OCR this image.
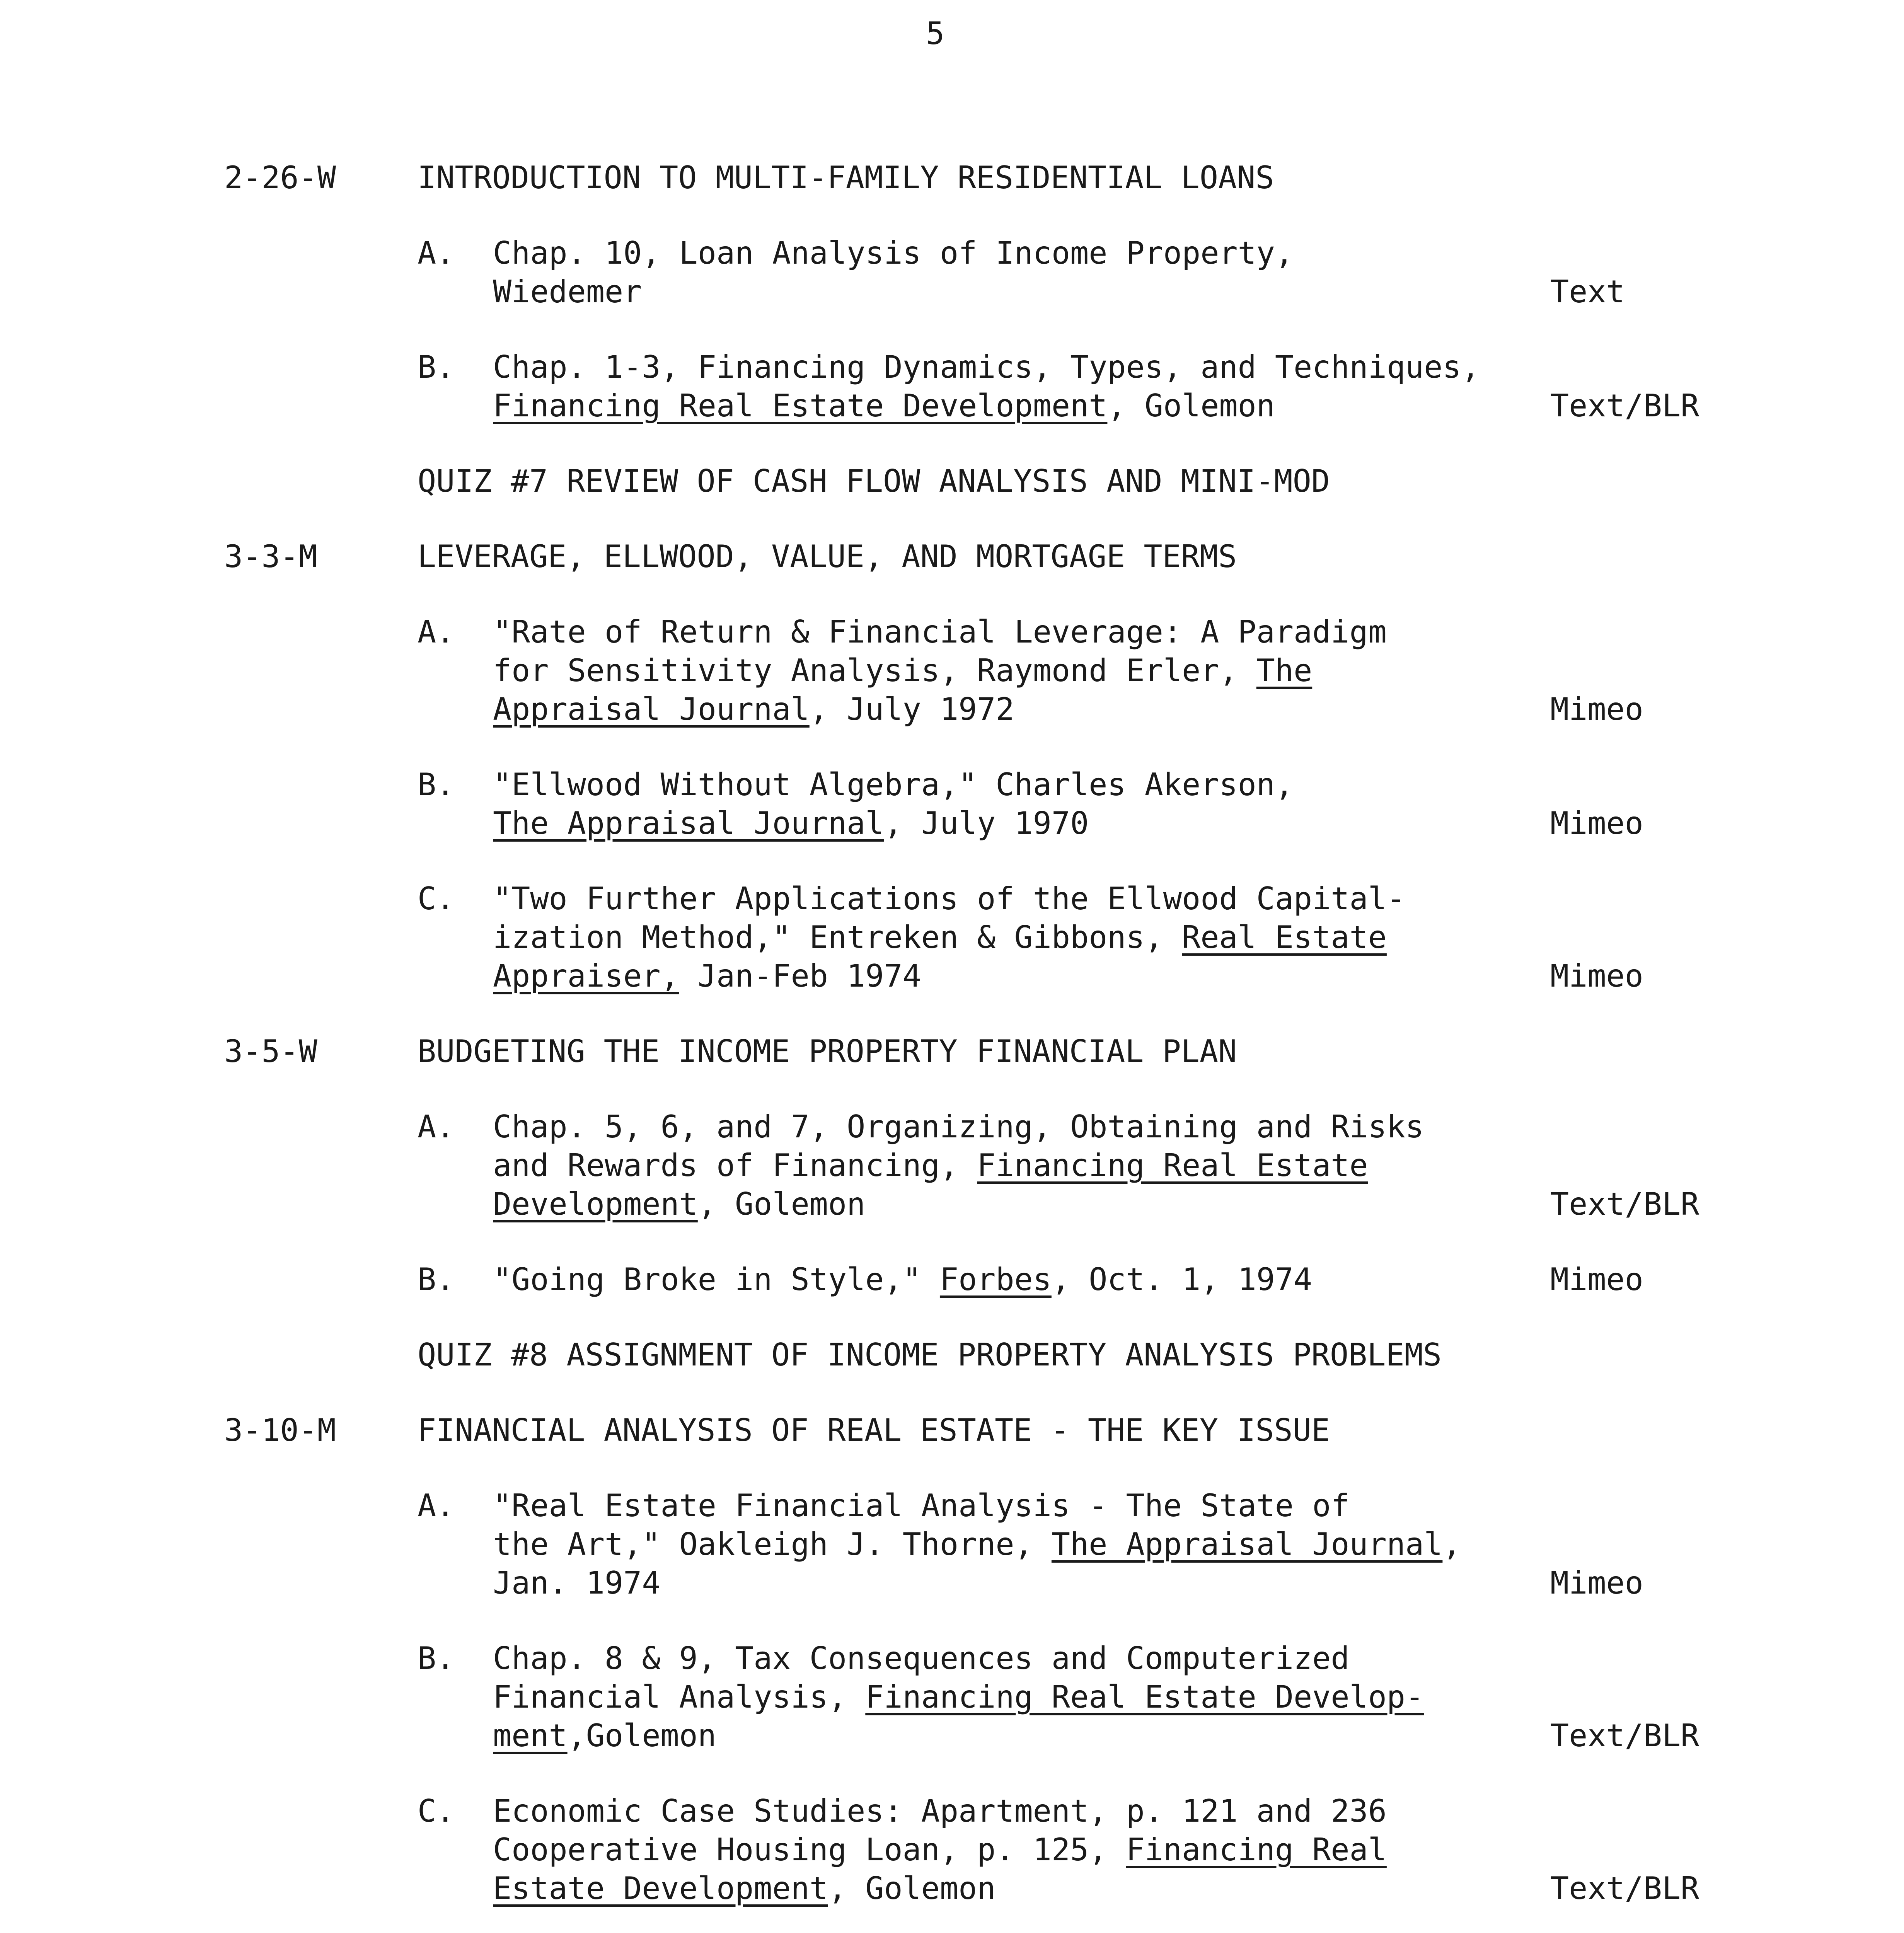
5
2-26-W	INTRODUCTION TO MULTI-FAMILY RESIDENTIAL LOANS
A. Chap. 10, Loan Analysis of Income Property,
Wiedemer	Text
B. Chap. 1-3, Financing Dynamics, Types, and Techniques,
Financing Real Estate Development, Golemon	Text/BLR
QUIZ #7 REVIEW OF CASH FLOW ANALYSIS AND MINI-MOD
3-3-M	LEVERAGE, ELLWOOD, VALUE, AND MORTGAGE TERMS
A. "Rate of Return & Financial Leverage: A Paradigm
for Sensitivity Analysis, Raymond Erler, The
Appraisal Journal, July 1972	Mimeo
B. "Ellwood Without Algebra," Charles Akerson,
The Appraisal Journal, July 1970	Mimeo
C. "Two Further Applications of the Ellwood Capital-
ization Method," Entreken & Gibbons, Real Estate
Appraiser, Jan-Feb 1974	Mimeo
3-5-W	BUDGETING THE INCOME PROPERTY FINANCIAL PLAN
A. Chap. 5, 6, and 7, Organizing, Obtaining and Risks
and Rewards of Financing, Financing Real Estate
Development, Golemon	Text/BLR
B. "Going Broke in Style," Forbes, Oct. 1, 1974	Mimeo
QUIZ #8 ASSIGNMENT OF INCOME PROPERTY ANALYSIS PROBLEMS
3-10-M	FINANCIAL ANALYSIS OF REAL ESTATE - THE KEY ISSUE
A. "Real Estate Financial Analysis - The State of
the Art," Oakleigh J. Thorne, The Appraisal Journal,
Jan. 1974	Mimeo
B. Chap. 8 & 9, Tax Consequences and Computerized
Financial Analysis, Financing Real Estate Develop-
ment,Golemon	Text/BLR
C. Economic Case Studies: Apartment, p. 121 and 236
Cooperative Housing Loan, p. 125, Financing Real
Estate Development, Golemon	Text/BLR
